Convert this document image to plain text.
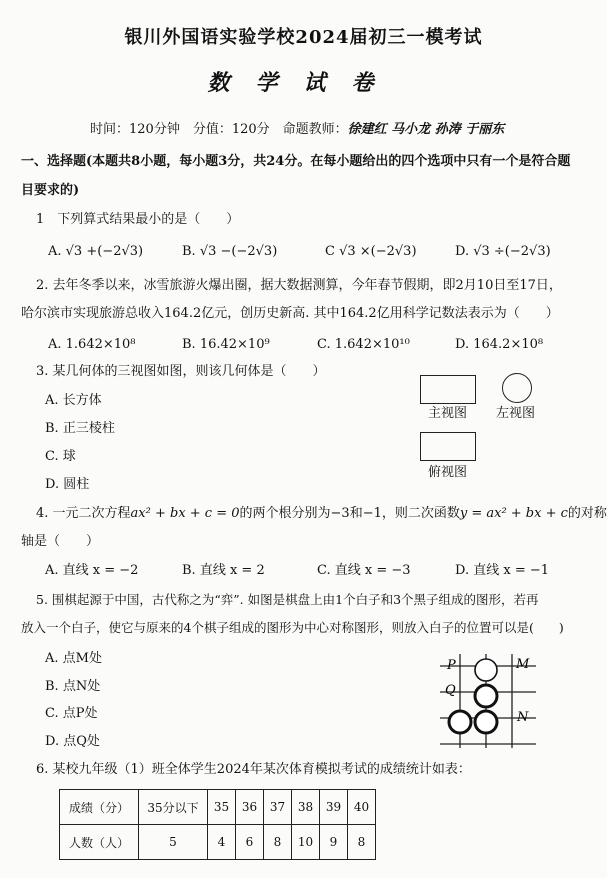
银川外国语实验学校2024届初三一模考试
数学试卷
时间：120分钟　分值：120分　命题教师：徐建红 马小龙 孙涛 于丽东
一、选择题(本题共8小题，每小题3分，共24分。在每小题给出的四个选项中只有一个是符合题
目要求的)
1　下列算式结果最小的是（　　）
A. √3 +(−2√3)	B. √3 −(−2√3)	C √3 ×(−2√3)	D. √3 ÷(−2√3)
2. 去年冬季以来，冰雪旅游火爆出圈，据大数据测算，今年春节假期，即2月10日至17日，
哈尔滨市实现旅游总收入164.2亿元，创历史新高. 其中164.2亿用科学记数法表示为（　　）
A. 1.642×10⁸	B. 16.42×10⁹	C. 1.642×10¹⁰	D. 164.2×10⁸
3. 某几何体的三视图如图，则该几何体是（　　）
A. 长方体
B. 正三棱柱
C. 球
D. 圆柱
主视图 左视图
俯视图
4. 一元二次方程ax² + bx + c = 0的两个根分别为−3和−1，则二次函数y = ax² + bx + c的对称
轴是（　　）
A. 直线 x = −2	B. 直线 x = 2	C. 直线 x = −3	D. 直线 x = −1
5. 围棋起源于中国，古代称之为“弈”. 如图是棋盘上由1个白子和3个黑子组成的图形，若再
放入一个白子，使它与原来的4个棋子组成的图形为中心对称图形，则放入白子的位置可以是(　　)
A. 点M处
B. 点N处
C. 点P处
D. 点Q处
P
Q
M
N
6. 某校九年级（1）班全体学生2024年某次体育模拟考试的成绩统计如表：
成绩（分）	35分以下	35	36	37	38	39	40
人数（人）	5	4	6	8	10	9	8
